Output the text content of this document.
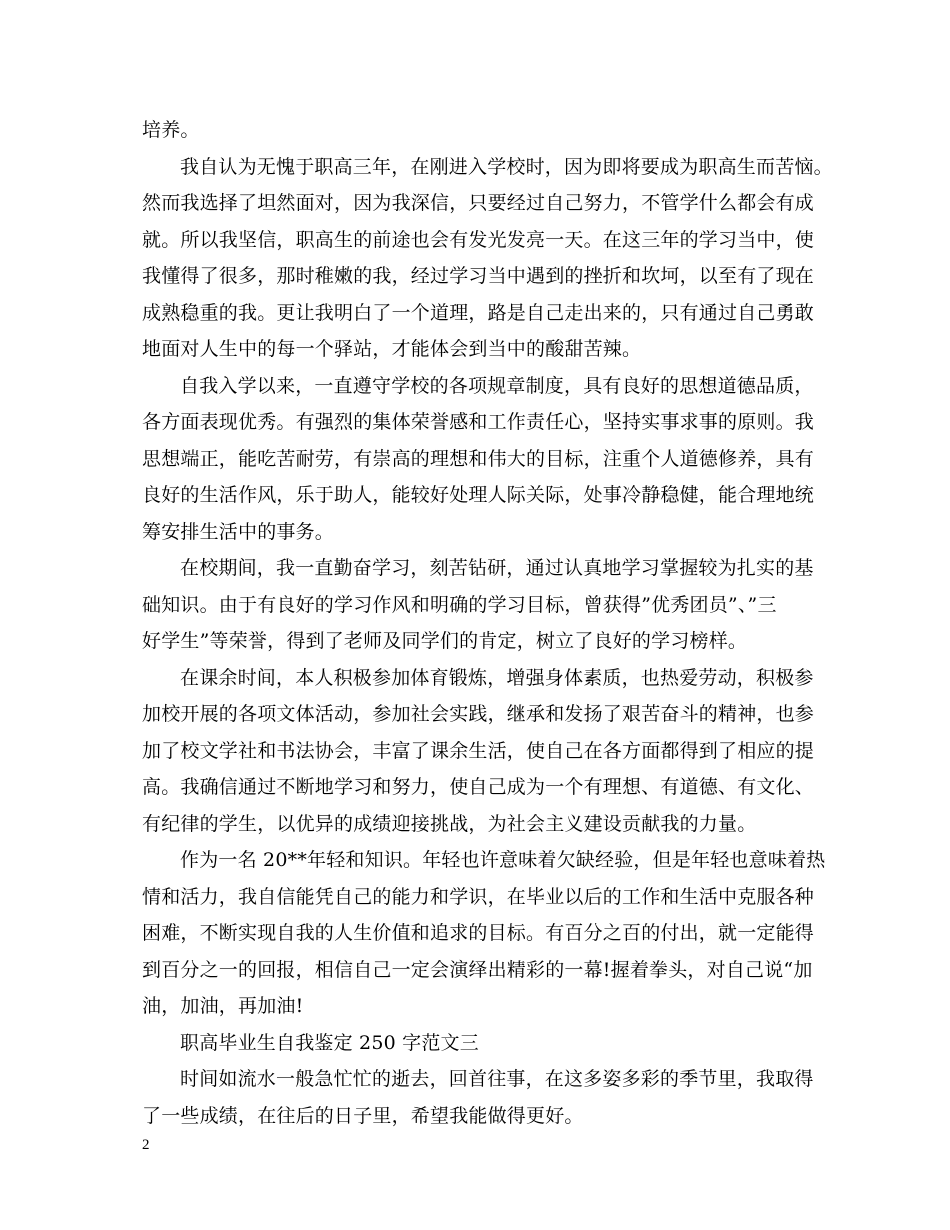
培养。
我自认为无愧于职高三年，在刚进入学校时，因为即将要成为职高生而苦恼。
然而我选择了坦然面对，因为我深信，只要经过自己努力，不管学什么都会有成
就。所以我坚信，职高生的前途也会有发光发亮一天。在这三年的学习当中，使
我懂得了很多，那时稚嫩的我，经过学习当中遇到的挫折和坎坷，以至有了现在
成熟稳重的我。更让我明白了一个道理，路是自己走出来的，只有通过自己勇敢
地面对人生中的每一个驿站，才能体会到当中的酸甜苦辣。
自我入学以来，一直遵守学校的各项规章制度，具有良好的思想道德品质，
各方面表现优秀。有强烈的集体荣誉感和工作责任心，坚持实事求事的原则。我
思想端正，能吃苦耐劳，有崇高的理想和伟大的目标，注重个人道德修养，具有
良好的生活作风，乐于助人，能较好处理人际关际，处事冷静稳健，能合理地统
筹安排生活中的事务。
在校期间，我一直勤奋学习，刻苦钻研，通过认真地学习掌握较为扎实的基
础知识。由于有良好的学习作风和明确的学习目标，曾获得”优秀团员”、”三
好学生”等荣誉，得到了老师及同学们的肯定，树立了良好的学习榜样。
在课余时间，本人积极参加体育锻炼，增强身体素质，也热爱劳动，积极参
加校开展的各项文体活动，参加社会实践，继承和发扬了艰苦奋斗的精神，也参
加了校文学社和书法协会，丰富了课余生活，使自己在各方面都得到了相应的提
高。我确信通过不断地学习和努力，使自己成为一个有理想、有道德、有文化、
有纪律的学生，以优异的成绩迎接挑战，为社会主义建设贡献我的力量。
作为一名 20**年轻和知识。年轻也许意味着欠缺经验，但是年轻也意味着热
情和活力，我自信能凭自己的能力和学识，在毕业以后的工作和生活中克服各种
困难，不断实现自我的人生价值和追求的目标。有百分之百的付出，就一定能得
到百分之一的回报，相信自己一定会演绎出精彩的一幕!握着拳头，对自己说“加
油，加油，再加油!
职高毕业生自我鉴定 250 字范文三
时间如流水一般急忙忙的逝去，回首往事，在这多姿多彩的季节里，我取得
了一些成绩，在往后的日子里，希望我能做得更好。
2
